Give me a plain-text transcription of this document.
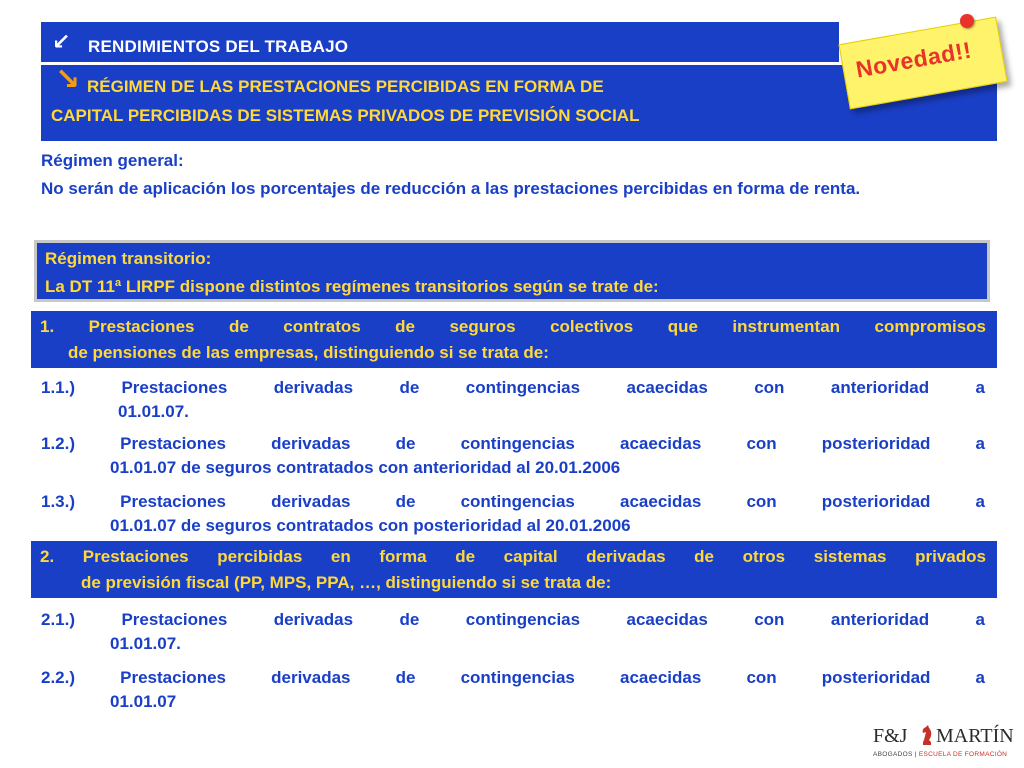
↙ RENDIMIENTOS DEL TRABAJO
↘ RÉGIMEN DE LAS PRESTACIONES PERCIBIDAS EN FORMA DE
CAPITAL PERCIBIDAS DE SISTEMAS PRIVADOS DE PREVISIÓN SOCIAL
Novedad!!
Régimen general:
No serán de aplicación los porcentajes de reducción a las prestaciones percibidas en forma de renta.
Régimen transitorio:
La DT 11ª LIRPF dispone distintos regímenes transitorios según se trate de:
1. Prestaciones de contratos de seguros colectivos que instrumentan compromisos
de pensiones de las empresas, distinguiendo si se trata de:
1.1.) Prestaciones derivadas de contingencias acaecidas con anterioridad a
01.01.07.
1.2.) Prestaciones derivadas de contingencias acaecidas con posterioridad a
01.01.07 de seguros contratados con anterioridad al 20.01.2006
1.3.) Prestaciones derivadas de contingencias acaecidas con posterioridad a
01.01.07 de seguros contratados con posterioridad al 20.01.2006
2. Prestaciones percibidas en forma de capital derivadas de otros sistemas privados
de previsión fiscal (PP, MPS, PPA, …, distinguiendo si se trata de:
2.1.) Prestaciones derivadas de contingencias acaecidas con anterioridad a
01.01.07.
2.2.) Prestaciones derivadas de contingencias acaecidas con posterioridad a
01.01.07
F&J MARTÍN
ABOGADOS | ESCUELA DE FORMACIÓN
